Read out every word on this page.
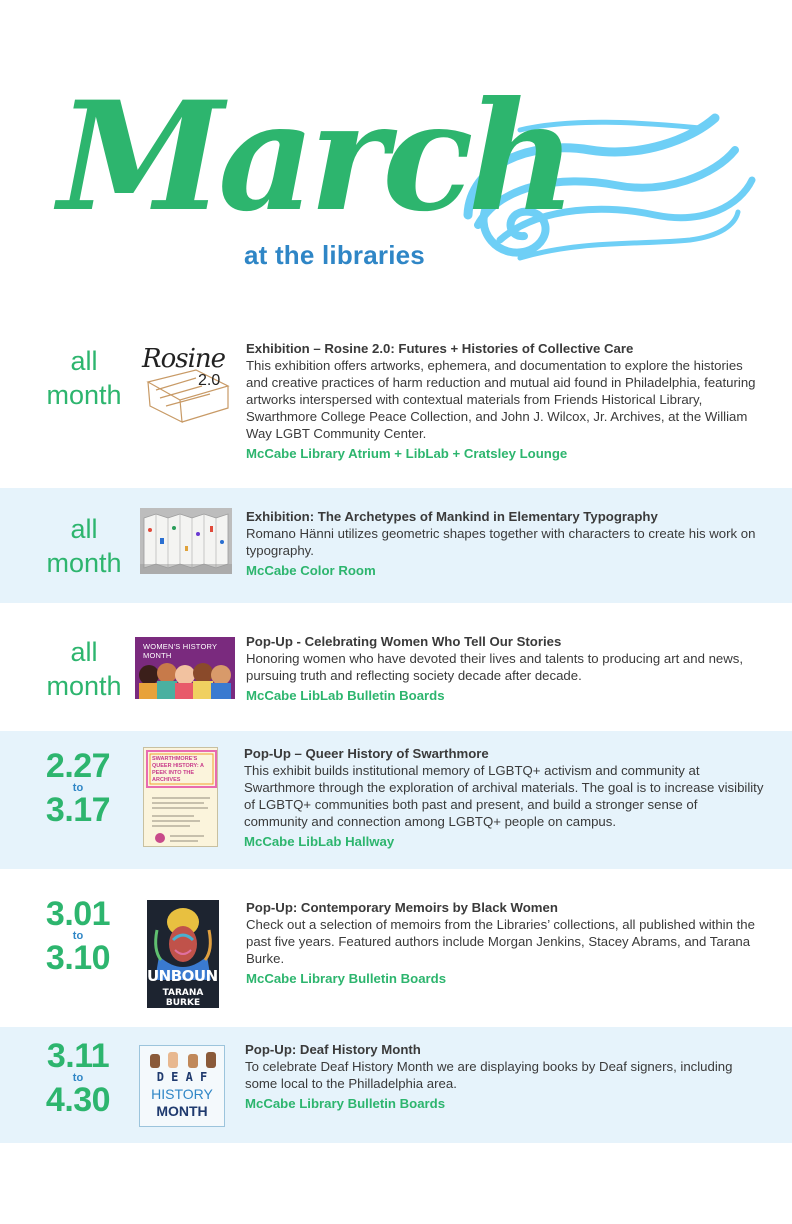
March
at the libraries
all
month
Rosine
2.0
Exhibition – Rosine 2.0: Futures + Histories of Collective Care
This exhibition offers artworks, ephemera, and documentation to explore the histories and creative practices of harm reduction and mutual aid found in Philadelphia, featuring artworks interspersed with contextual materials from Friends Historical Library, Swarthmore College Peace Collection, and John J. Wilcox, Jr. Archives, at the William Way LGBT Community Center.
McCabe Library Atrium + LibLab + Cratsley Lounge
all
month
Exhibition: The Archetypes of Mankind in Elementary Typography
Romano Hänni utilizes geometric shapes together with characters to create his work on typography.
McCabe Color Room
all
month
WOMEN'S HISTORY MONTH
Pop-Up - Celebrating Women Who Tell Our Stories
Honoring women who have devoted their lives and talents to producing art and news, pursuing truth and reflecting society decade after decade.
McCabe LibLab Bulletin Boards
2.27
to
3.17
SWARTHMORE'S QUEER HISTORY: A PEEK INTO THE ARCHIVES
Pop-Up – Queer History of Swarthmore
This exhibit builds institutional memory of LGBTQ+ activism and community at Swarthmore through the exploration of archival materials. The goal is to increase visibility of LGBTQ+ communities both past and present, and build a stronger sense of community and connection among LGBTQ+ people on campus.
McCabe LibLab Hallway
3.01
to
3.10	UNBOUND
TARANA BURKE
Pop-Up: Contemporary Memoirs by Black Women
Check out a selection of memoirs from the Libraries’ collections, all published within the past five years. Featured authors include Morgan Jenkins, Stacey Abrams, and Tarana Burke.
McCabe Library Bulletin Boards
3.11
to
4.30
D E A F
HISTORY
MONTH
Pop-Up: Deaf History Month
To celebrate Deaf History Month we are displaying books by Deaf signers, including some local to the Philladelphia area.
McCabe Library Bulletin Boards
